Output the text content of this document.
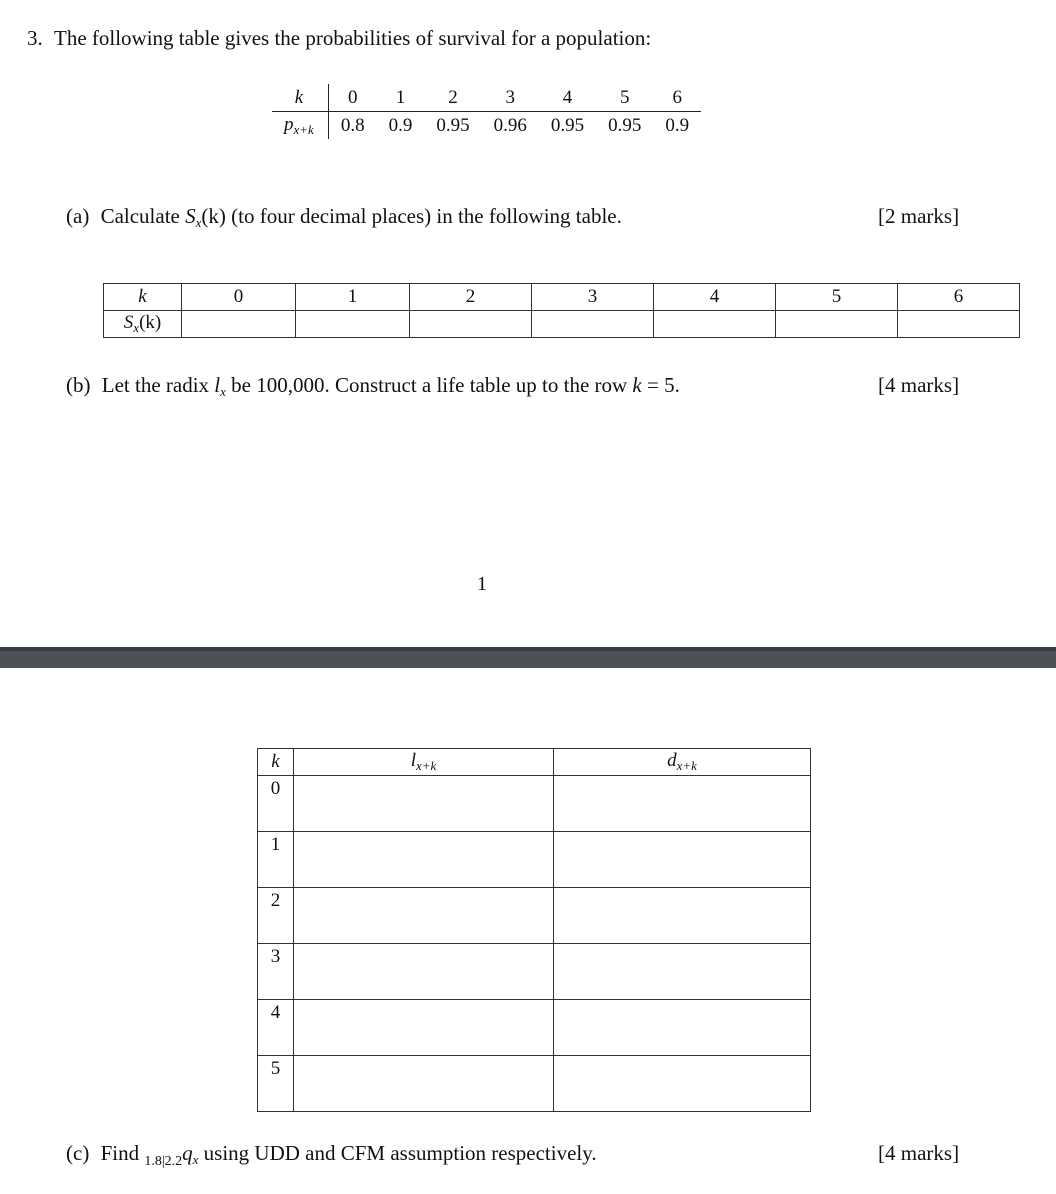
3. The following table gives the probabilities of survival for a population:
k	0	1	2	3	4	5	6
$p_{x+k}$	0.8	0.9	0.95	0.96	0.95	0.95	0.9
(a) Calculate $S_x(k)$ (to four decimal places) in the following table.	[2 marks]
k	0	1	2	3	4	5	6
$S_x(k)$							
(b) Let the radix $l_x$ be 100,000. Construct a life table up to the row k = 5.	[4 marks]
1
k	$l_{x+k}$	$d_{x+k}$
0		
1		
2		
3		
4		
5		
(c) Find $_{1.8|2.2}q_x$ using UDD and CFM assumption respectively.	[4 marks]
